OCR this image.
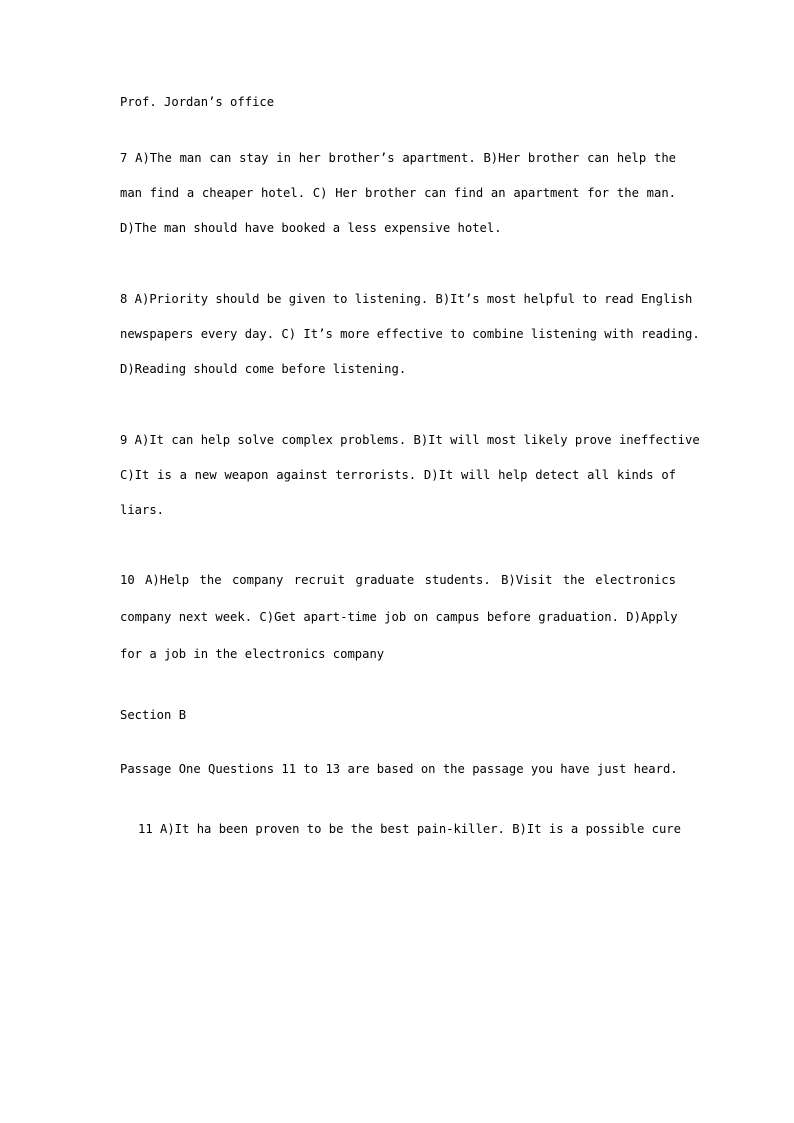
Prof. Jordan’s office
7 A)The man can stay in her brother’s apartment. B)Her brother can help the
man find a cheaper hotel. C) Her brother can find an apartment for the man.
D)The man should have booked a less expensive hotel.
8 A)Priority should be given to listening. B)It’s most helpful to read English
newspapers every day. C) It’s more effective to combine listening with reading.
D)Reading should come before listening.
9 A)It can help solve complex problems. B)It will most likely prove ineffective
C)It is a new weapon against terrorists. D)It will help detect all kinds of
liars.
10 A)Help the company recruit graduate students. B)Visit the electronics
company next week. C)Get apart-time job on campus before graduation. D)Apply
for a job in the electronics company
Section B
Passage One Questions 11 to 13 are based on the passage you have just heard.
11 A)It ha been proven to be the best pain-killer. B)It is a possible cure
